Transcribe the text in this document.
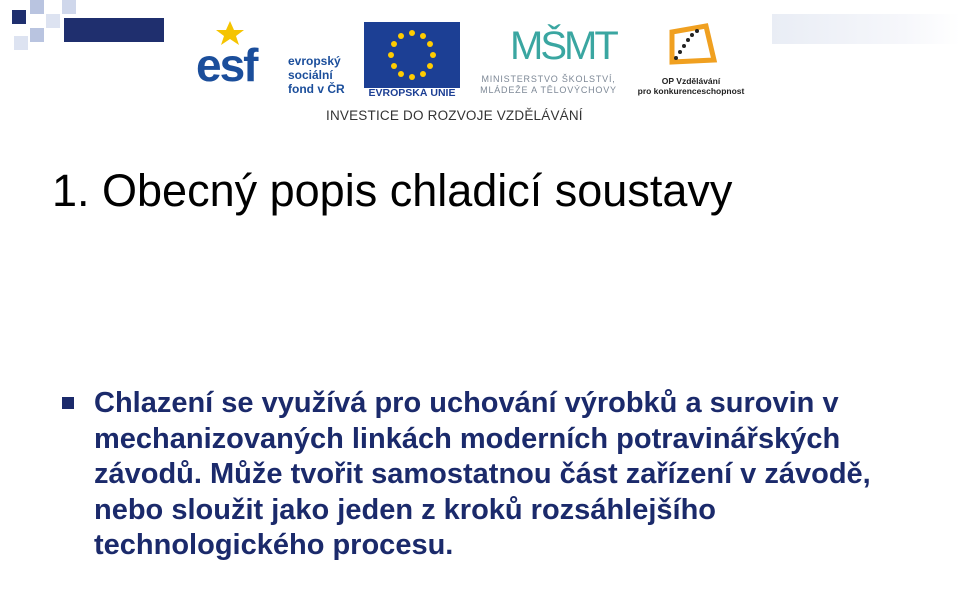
esf	evropský
sociální
fond v ČR	EVROPSKÁ UNIE
MŠMT
MINISTERSTVO ŠKOLSTVÍ,
MLÁDEŽE A TĚLOVÝCHOVY
OP Vzdělávání
pro konkurenceschopnost
INVESTICE DO ROZVOJE VZDĚLÁVÁNÍ
1. Obecný popis chladicí soustavy

Chlazení se využívá pro uchování výrobků a surovin v mechanizovaných linkách moderních potravinářských závodů. Může tvořit samostatnou část zařízení v závodě, nebo sloužit jako jeden z kroků rozsáhlejšího technologického procesu.
